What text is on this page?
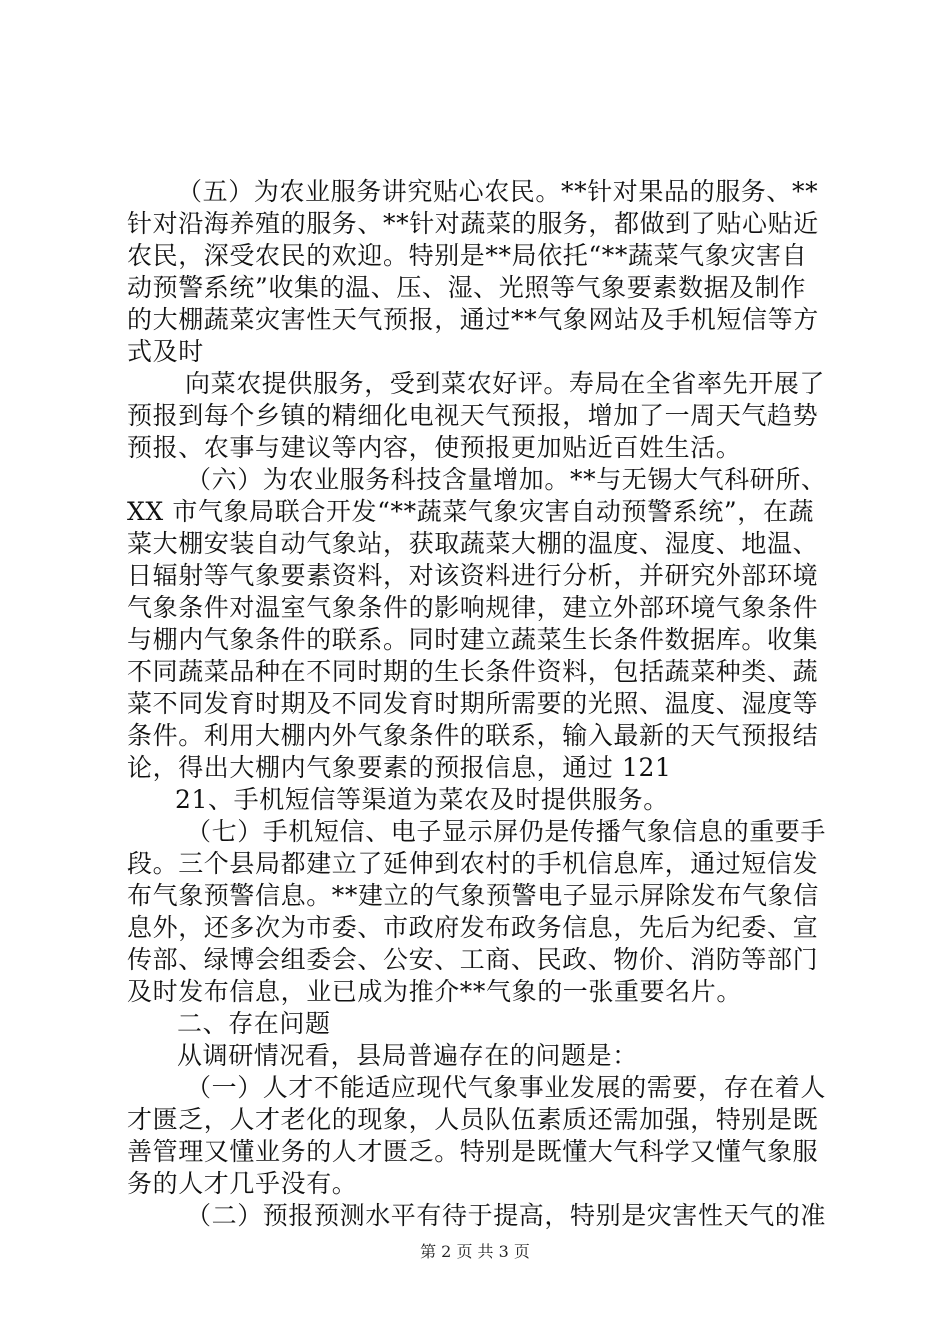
（五）为农业服务讲究贴心农民。**针对果品的服务、**

针对沿海养殖的服务、**针对蔬菜的服务，都做到了贴心贴近

农民，深受农民的欢迎。特别是**局依托“**蔬菜气象灾害自

动预警系统”收集的温、压、湿、光照等气象要素数据及制作

的大棚蔬菜灾害性天气预报，通过**气象网站及手机短信等方

式及时

向菜农提供服务，受到菜农好评。寿局在全省率先开展了

预报到每个乡镇的精细化电视天气预报，增加了一周天气趋势

预报、农事与建议等内容，使预报更加贴近百姓生活。

（六）为农业服务科技含量增加。**与无锡大气科研所、

XX 市气象局联合开发“**蔬菜气象灾害自动预警系统”，在蔬

菜大棚安装自动气象站，获取蔬菜大棚的温度、湿度、地温、

日辐射等气象要素资料，对该资料进行分析，并研究外部环境

气象条件对温室气象条件的影响规律，建立外部环境气象条件

与棚内气象条件的联系。同时建立蔬菜生长条件数据库。收集

不同蔬菜品种在不同时期的生长条件资料，包括蔬菜种类、蔬

菜不同发育时期及不同发育时期所需要的光照、温度、湿度等

条件。利用大棚内外气象条件的联系，输入最新的天气预报结

论，得出大棚内气象要素的预报信息，通过 121

21、手机短信等渠道为菜农及时提供服务。

（七）手机短信、电子显示屏仍是传播气象信息的重要手

段。三个县局都建立了延伸到农村的手机信息库，通过短信发

布气象预警信息。**建立的气象预警电子显示屏除发布气象信

息外，还多次为市委、市政府发布政务信息，先后为纪委、宣

传部、绿博会组委会、公安、工商、民政、物价、消防等部门

及时发布信息，业已成为推介**气象的一张重要名片。

二、存在问题

从调研情况看，县局普遍存在的问题是：

（一）人才不能适应现代气象事业发展的需要，存在着人

才匮乏，人才老化的现象，人员队伍素质还需加强，特别是既

善管理又懂业务的人才匮乏。特别是既懂大气科学又懂气象服

务的人才几乎没有。

（二）预报预测水平有待于提高，特别是灾害性天气的准

第 2 页 共 3 页
